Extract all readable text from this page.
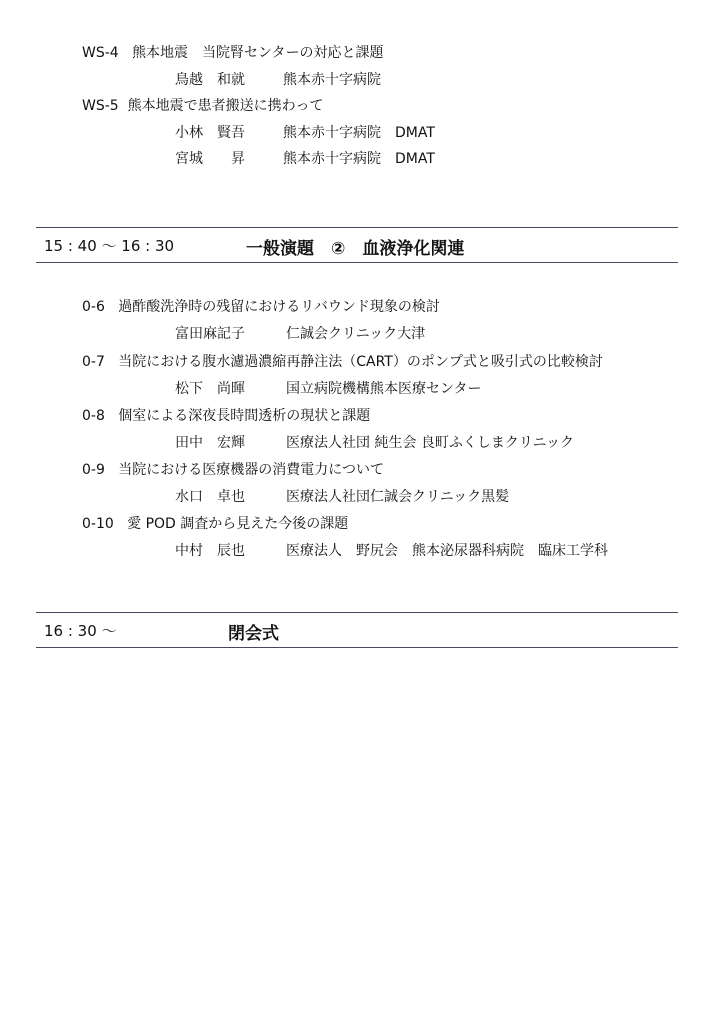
WS-4 熊本地震　当院腎センターの対応と課題
鳥越　和就	熊本赤十字病院
WS-5 熊本地震で患者搬送に携わって
小林　賢吾	熊本赤十字病院　DMAT
宮城　　昇	熊本赤十字病院　DMAT
15 : 40 ～ 16 : 30	一般演題　②　血液浄化関連
0-6 過酢酸洗浄時の残留におけるリバウンド現象の検討
富田麻記子	仁誠会クリニック大津
0-7 当院における腹水濾過濃縮再静注法（CART）のポンプ式と吸引式の比較検討
松下　尚暉	国立病院機構熊本医療センター
0-8 個室による深夜長時間透析の現状と課題
田中　宏輝	医療法人社団 純生会 良町ふくしまクリニック
0-9 当院における医療機器の消費電力について
水口　卓也	医療法人社団仁誠会クリニック黒髪
0-10 愛 POD 調査から見えた今後の課題
中村　辰也	医療法人　野尻会　熊本泌尿器科病院　臨床工学科
16 : 30 ～	閉会式
